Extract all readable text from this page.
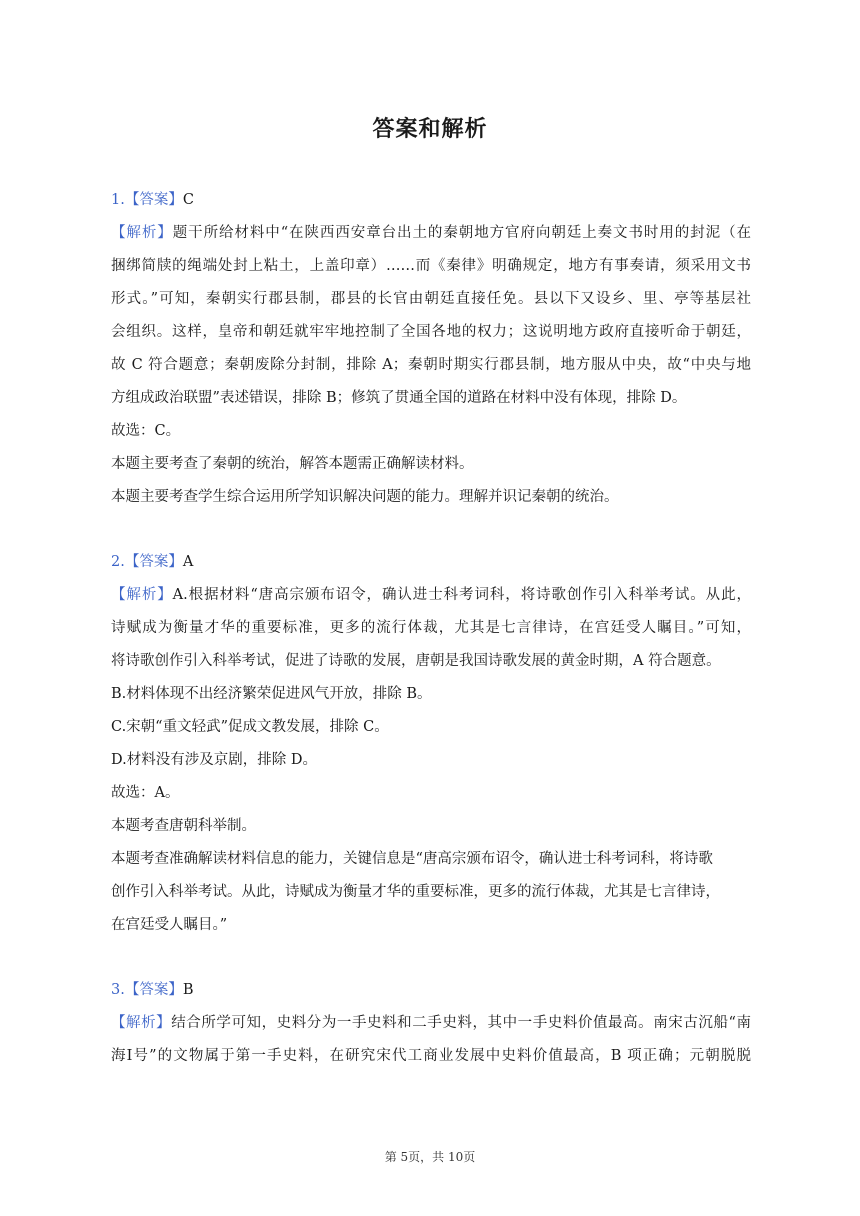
答案和解析
1.【答案】C
【解析】题干所给材料中“在陕西西安章台出土的秦朝地方官府向朝廷上奏文书时用的封泥（在
捆绑简牍的绳端处封上粘土，上盖印章）……而《秦律》明确规定，地方有事奏请，须采用文书
形式。”可知，秦朝实行郡县制，郡县的长官由朝廷直接任免。县以下又设乡、里、亭等基层社
会组织。这样，皇帝和朝廷就牢牢地控制了全国各地的权力；这说明地方政府直接听命于朝廷，
故 C 符合题意；秦朝废除分封制，排除 A；秦朝时期实行郡县制，地方服从中央，故“中央与地
方组成政治联盟”表述错误，排除 B；修筑了贯通全国的道路在材料中没有体现，排除 D。
故选：C。
本题主要考查了秦朝的统治，解答本题需正确解读材料。
本题主要考查学生综合运用所学知识解决问题的能力。理解并识记秦朝的统治。
2.【答案】A
【解析】A.根据材料“唐高宗颁布诏令，确认进士科考词科，将诗歌创作引入科举考试。从此，
诗赋成为衡量才华的重要标准，更多的流行体裁，尤其是七言律诗，在宫廷受人瞩目。”可知，
将诗歌创作引入科举考试，促进了诗歌的发展，唐朝是我国诗歌发展的黄金时期，A 符合题意。
B.材料体现不出经济繁荣促进风气开放，排除 B。
C.宋朝“重文轻武”促成文教发展，排除 C。
D.材料没有涉及京剧，排除 D。
故选：A。
本题考查唐朝科举制。
本题考查准确解读材料信息的能力，关键信息是“唐高宗颁布诏令，确认进士科考词科，将诗歌
创作引入科举考试。从此，诗赋成为衡量才华的重要标准，更多的流行体裁，尤其是七言律诗，
在宫廷受人瞩目。”
3.【答案】B
【解析】结合所学可知，史料分为一手史料和二手史料，其中一手史料价值最高。南宋古沉船“南
海Ⅰ号”的文物属于第一手史料，在研究宋代工商业发展中史料价值最高，B 项正确；元朝脱脱
第 5页，共 10页
